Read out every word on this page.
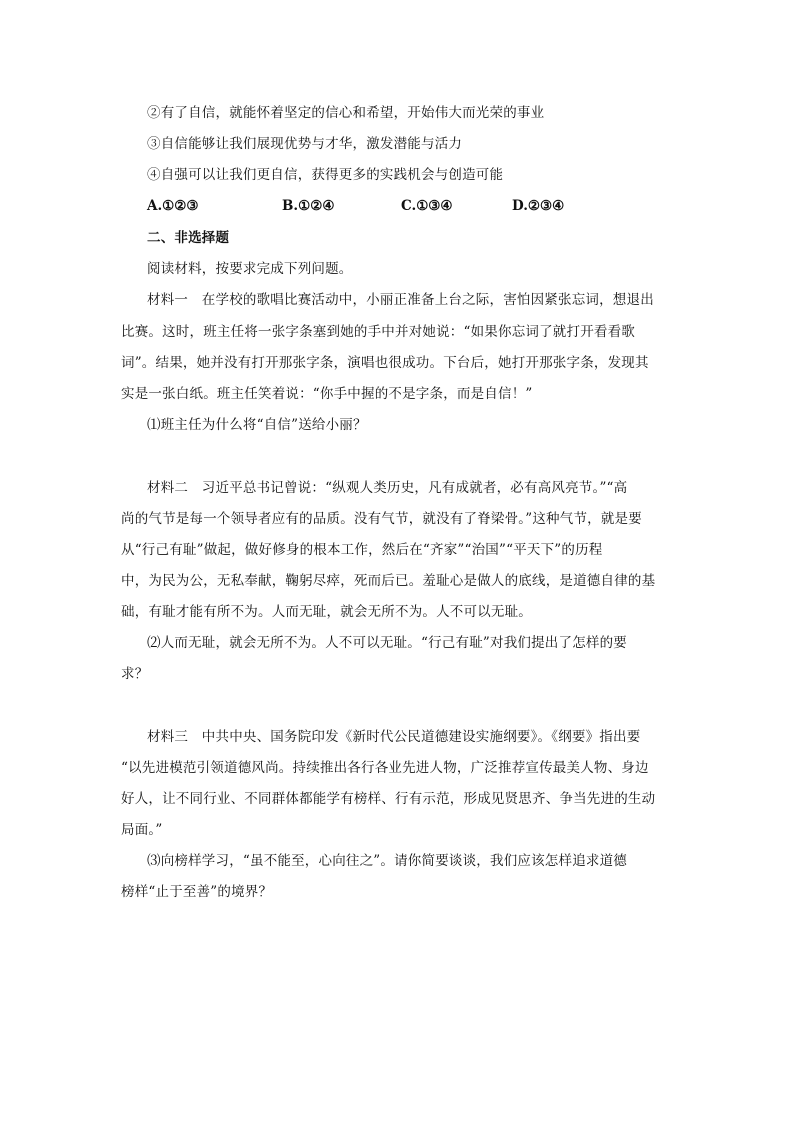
②有了自信，就能怀着坚定的信心和希望，开始伟大而光荣的事业
③自信能够让我们展现优势与才华，激发潜能与活力
④自强可以让我们更自信，获得更多的实践机会与创造可能
A.①②③	B.①②④	C.①③④	D.②③④
二、非选择题
阅读材料，按要求完成下列问题。
材料一　在学校的歌唱比赛活动中，小丽正准备上台之际，害怕因紧张忘词，想退出
比赛。这时，班主任将一张字条塞到她的手中并对她说：“如果你忘词了就打开看看歌
词”。结果，她并没有打开那张字条，演唱也很成功。下台后，她打开那张字条，发现其
实是一张白纸。班主任笑着说：“你手中握的不是字条，而是自信！”
⑴班主任为什么将“自信”送给小丽？
材料二　习近平总书记曾说：“纵观人类历史，凡有成就者，必有高风亮节。”“高
尚的气节是每一个领导者应有的品质。没有气节，就没有了脊梁骨。”这种气节，就是要
从“行己有耻”做起，做好修身的根本工作，然后在“齐家”“治国”“平天下”的历程
中，为民为公，无私奉献，鞠躬尽瘁，死而后已。羞耻心是做人的底线，是道德自律的基
础，有耻才能有所不为。人而无耻，就会无所不为。人不可以无耻。
⑵人而无耻，就会无所不为。人不可以无耻。“行己有耻”对我们提出了怎样的要
求？
材料三　中共中央、国务院印发《新时代公民道德建设实施纲要》。《纲要》指出要
“以先进模范引领道德风尚。持续推出各行各业先进人物，广泛推荐宣传最美人物、身边
好人，让不同行业、不同群体都能学有榜样、行有示范，形成见贤思齐、争当先进的生动
局面。”
⑶向榜样学习，“虽不能至，心向往之”。请你简要谈谈，我们应该怎样追求道德
榜样“止于至善”的境界？
